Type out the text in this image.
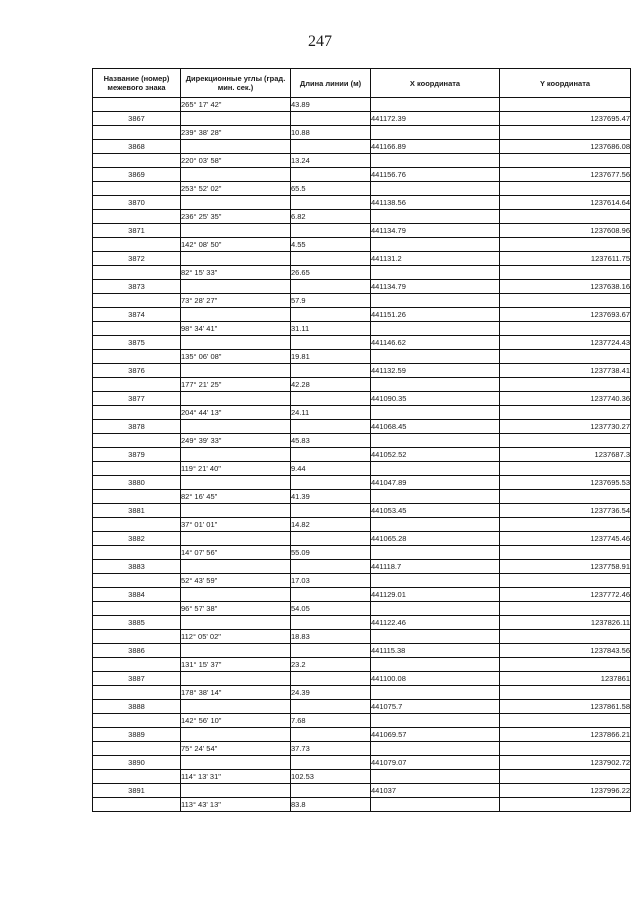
247
Название (номер) межевого знака	Дирекционные углы (град. мин. сек.)	Длина линии (м)	X координата	Y координата
	265° 17' 42"	43.89		
3867			441172.39	1237695.47
	239° 38' 28"	10.88		
3868			441166.89	1237686.08
	220° 03' 58"	13.24		
3869			441156.76	1237677.56
	253° 52' 02"	65.5		
3870			441138.56	1237614.64
	236° 25' 35"	6.82		
3871			441134.79	1237608.96
	142° 08' 50"	4.55		
3872			441131.2	1237611.75
	82° 15' 33"	26.65		
3873			441134.79	1237638.16
	73° 28' 27"	57.9		
3874			441151.26	1237693.67
	98° 34' 41"	31.11		
3875			441146.62	1237724.43
	135° 06' 08"	19.81		
3876			441132.59	1237738.41
	177° 21' 25"	42.28		
3877			441090.35	1237740.36
	204° 44' 13"	24.11		
3878			441068.45	1237730.27
	249° 39' 33"	45.83		
3879			441052.52	1237687.3
	119° 21' 40"	9.44		
3880			441047.89	1237695.53
	82° 16' 45"	41.39		
3881			441053.45	1237736.54
	37° 01' 01"	14.82		
3882			441065.28	1237745.46
	14° 07' 56"	55.09		
3883			441118.7	1237758.91
	52° 43' 59"	17.03		
3884			441129.01	1237772.46
	96° 57' 38"	54.05		
3885			441122.46	1237826.11
	112° 05' 02"	18.83		
3886			441115.38	1237843.56
	131° 15' 37"	23.2		
3887			441100.08	1237861
	178° 38' 14"	24.39		
3888			441075.7	1237861.58
	142° 56' 10"	7.68		
3889			441069.57	1237866.21
	75° 24' 54"	37.73		
3890			441079.07	1237902.72
	114° 13' 31"	102.53		
3891			441037	1237996.22
	113° 43' 13"	83.8		
